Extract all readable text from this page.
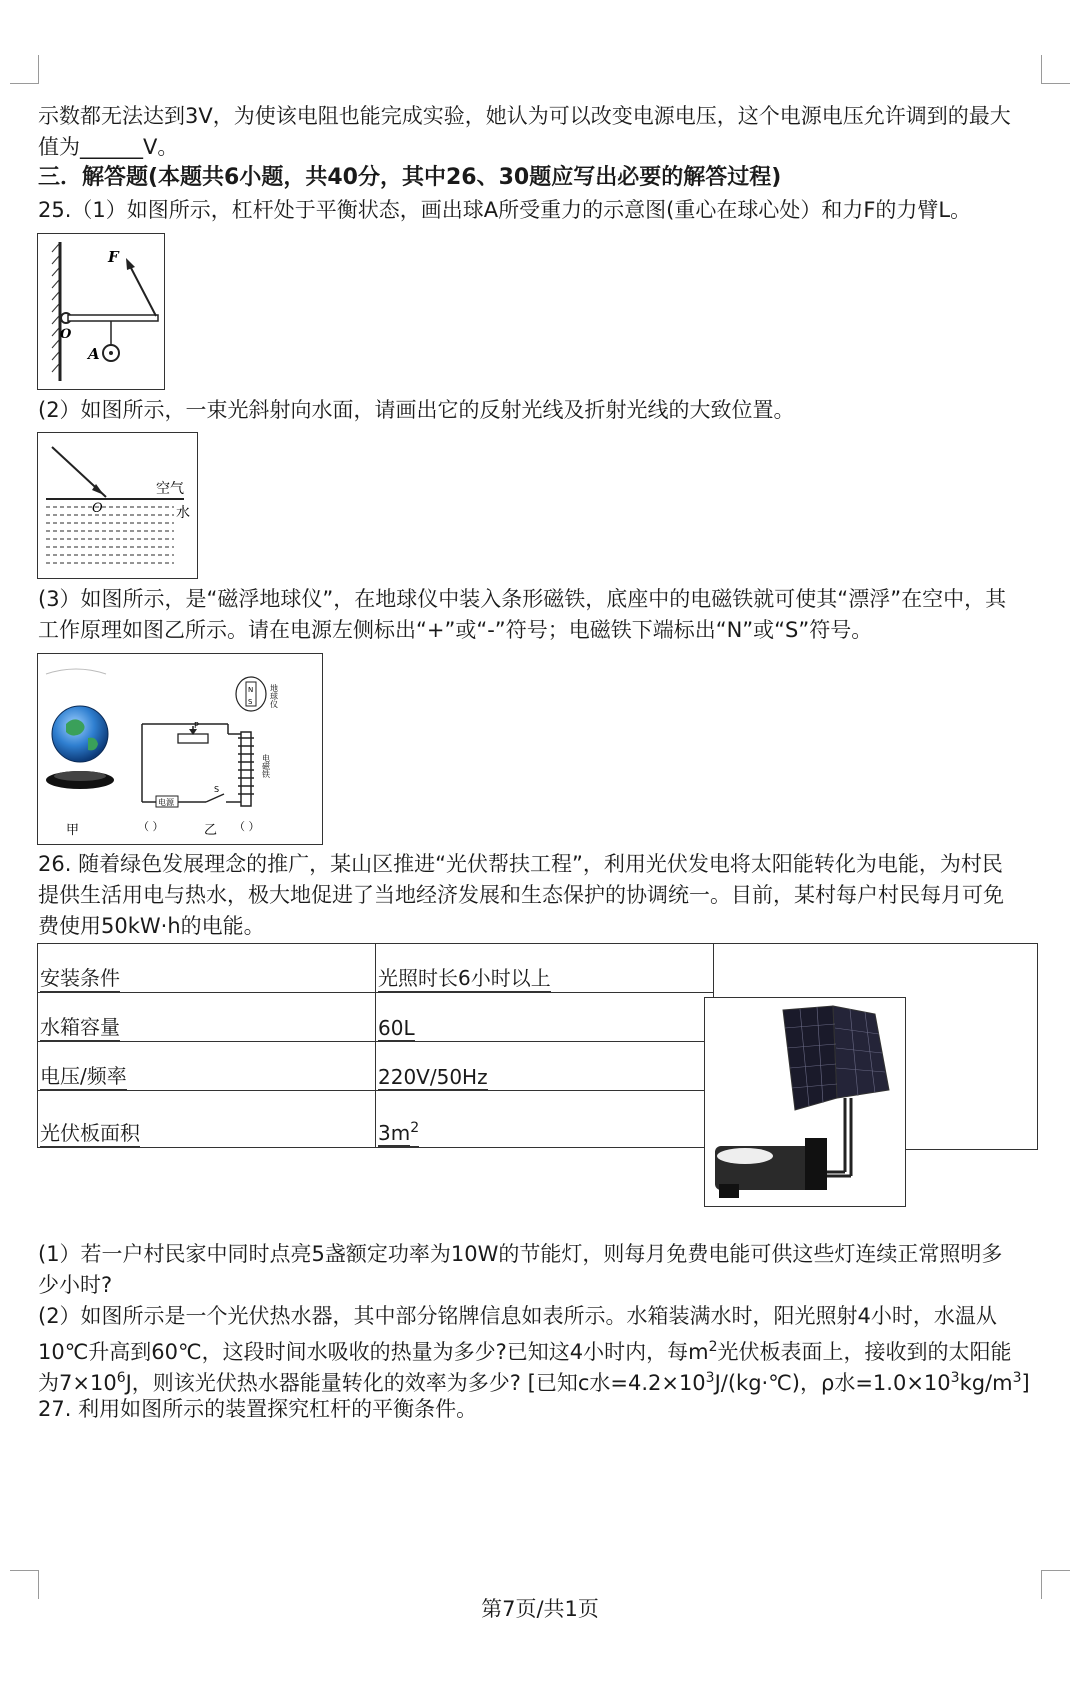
示数都无法达到3V，为使该电阻也能完成实验，她认为可以改变电源电压，这个电源电压允许调到的最大
值为______V。
三．解答题(本题共6小题，共40分，其中26、30题应写出必要的解答过程)
25.（1）如图所示，杠杆处于平衡状态，画出球A所受重力的示意图(重心在球心处）和力F的力臂L。
F
O
A
(2）如图所示，一束光斜射向水面，请画出它的反射光线及折射光线的大致位置。
O
空气
水
(3）如图所示，是“磁浮地球仪”，在地球仪中装入条形磁铁，底座中的电磁铁就可使其“漂浮”在空中，其
工作原理如图乙所示。请在电源左侧标出“+”或“-”符号；电磁铁下端标出“N”或“S”符号。
电源
P
S
N
S 地球仪
电磁铁
甲	（ ）	乙 （ ）
26. 随着绿色发展理念的推广，某山区推进“光伏帮扶工程”，利用光伏发电将太阳能转化为电能，为村民
提供生活用电与热水，极大地促进了当地经济发展和生态保护的协调统一。目前，某村每户村民每月可免
费使用50kW·h的电能。
安装条件	光照时长6小时以上
水箱容量	60L
电压/频率	220V/50Hz
光伏板面积	$3m^2$
(1）若一户村民家中同时点亮5盏额定功率为10W的节能灯，则每月免费电能可供这些灯连续正常照明多
少小时?
(2）如图所示是一个光伏热水器，其中部分铭牌信息如表所示。水箱装满水时，阳光照射4小时，水温从
10℃升高到60℃，这段时间水吸收的热量为多少?已知这4小时内，每$m^2$光伏板表面上，接收到的太阳能
为$7\times 10^6J$，则该光伏热水器能量转化的效率为多少? [已知c水$=4.2\times 10^3J/(kg\cdot℃)$，ρ水$=1.0\times 10^3kg/m^3$]
27. 利用如图所示的装置探究杠杆的平衡条件。
第7页/共1页
